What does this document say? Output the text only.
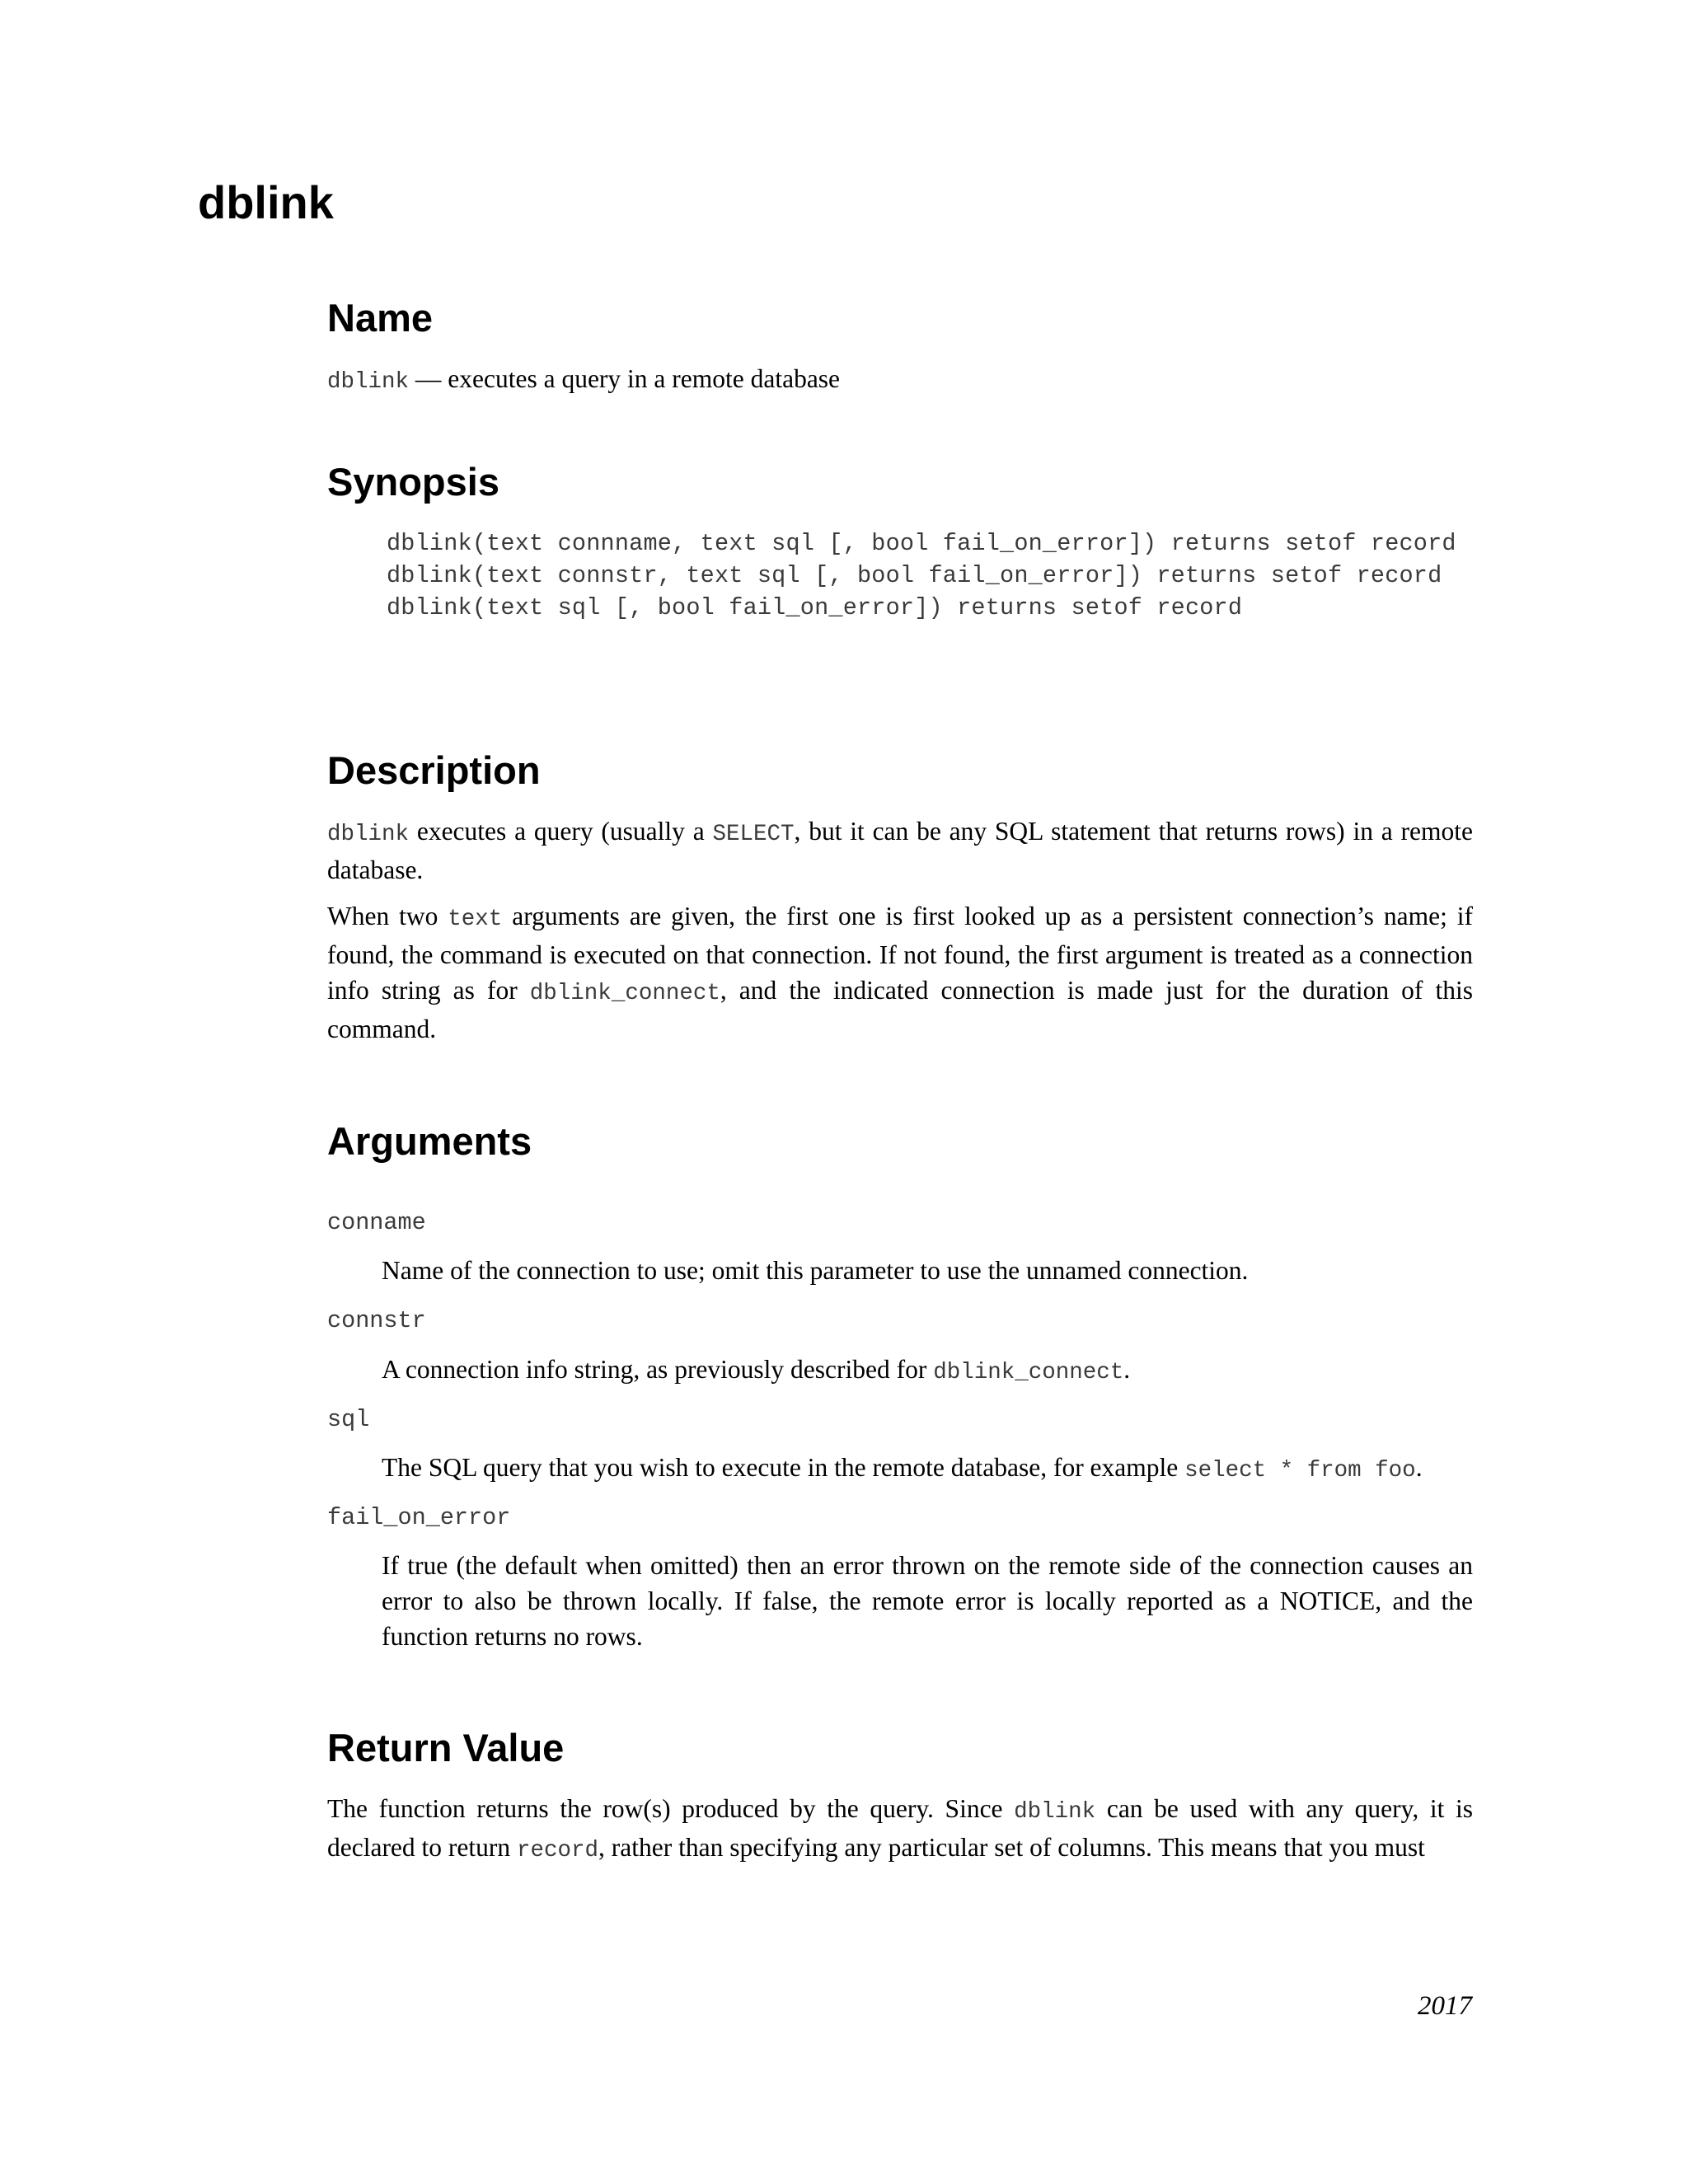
dblink
Name

dblink — executes a query in a remote database

Synopsis
dblink(text connname, text sql [, bool fail_on_error]) returns setof record
dblink(text connstr, text sql [, bool fail_on_error]) returns setof record
dblink(text sql [, bool fail_on_error]) returns setof record
Description

dblink executes a query (usually a SELECT, but it can be any SQL statement that returns rows) in a remote database.

When two text arguments are given, the first one is first looked up as a persistent connection’s name; if found, the command is executed on that connection. If not found, the first argument is treated as a connection info string as for dblink_connect, and the indicated connection is made just for the duration of this command.

Arguments
conname

Name of the connection to use; omit this parameter to use the unnamed connection.

connstr

A connection info string, as previously described for dblink_connect.

sql

The SQL query that you wish to execute in the remote database, for example select * from foo.

fail_on_error

If true (the default when omitted) then an error thrown on the remote side of the connection causes an error to also be thrown locally. If false, the remote error is locally reported as a NOTICE, and the function returns no rows.

Return Value

The function returns the row(s) produced by the query. Since dblink can be used with any query, it is declared to return record, rather than specifying any particular set of columns. This means that you must

2017
